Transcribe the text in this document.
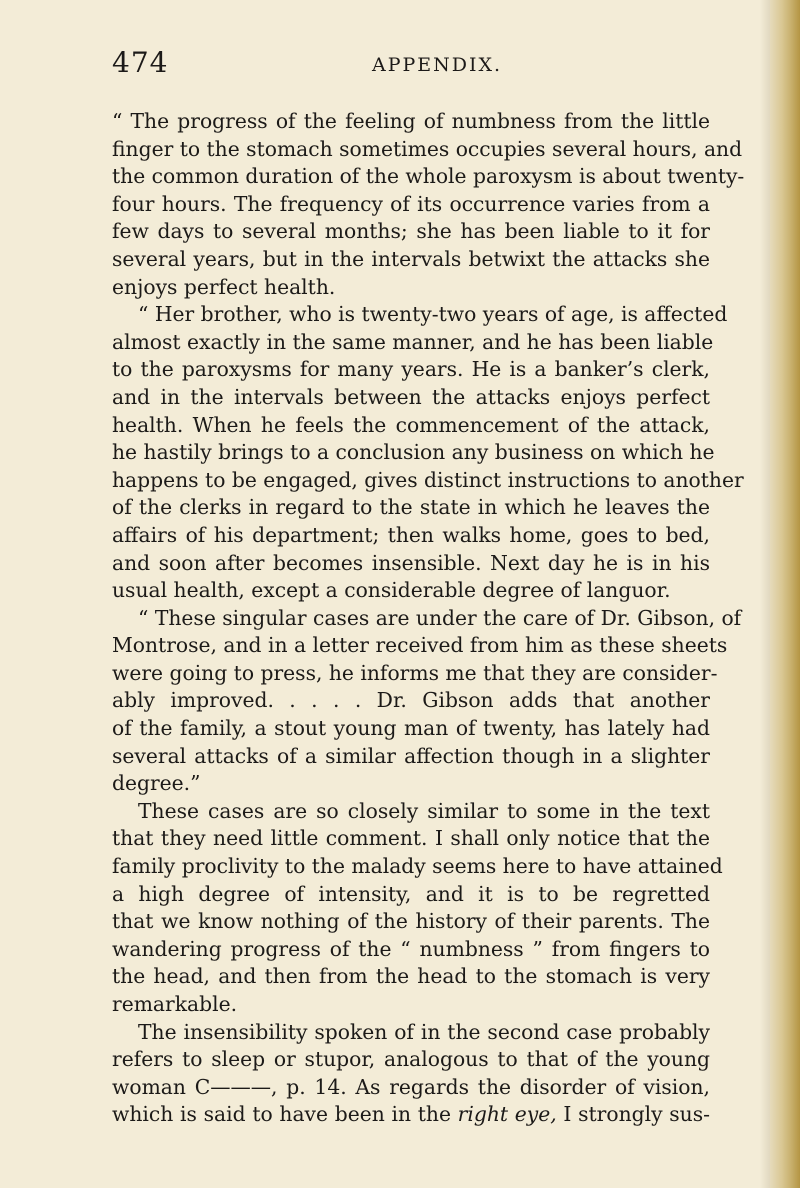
474	APPENDIX.
“ The progress of the feeling of numbness from the little
finger to the stomach sometimes occupies several hours, and
the common duration of the whole paroxysm is about twenty-
four hours. The frequency of its occurrence varies from a
few days to several months; she has been liable to it for
several years, but in the intervals betwixt the attacks she
enjoys perfect health.
“ Her brother, who is twenty-two years of age, is affected
almost exactly in the same manner, and he has been liable
to the paroxysms for many years. He is a banker’s clerk,
and in the intervals between the attacks enjoys perfect
health. When he feels the commencement of the attack,
he hastily brings to a conclusion any business on which he
happens to be engaged, gives distinct instructions to another
of the clerks in regard to the state in which he leaves the
affairs of his department; then walks home, goes to bed,
and soon after becomes insensible. Next day he is in his
usual health, except a considerable degree of languor.
“ These singular cases are under the care of Dr. Gibson, of
Montrose, and in a letter received from him as these sheets
were going to press, he informs me that they are consider-
ably improved. . . . . Dr. Gibson adds that another
of the family, a stout young man of twenty, has lately had
several attacks of a similar affection though in a slighter
degree.”
These cases are so closely similar to some in the text
that they need little comment. I shall only notice that the
family proclivity to the malady seems here to have attained
a high degree of intensity, and it is to be regretted
that we know nothing of the history of their parents. The
wandering progress of the “ numbness ” from fingers to
the head, and then from the head to the stomach is very
remarkable.
The insensibility spoken of in the second case probably
refers to sleep or stupor, analogous to that of the young
woman C———, p. 14. As regards the disorder of vision,
which is said to have been in the right eye, I strongly sus-
